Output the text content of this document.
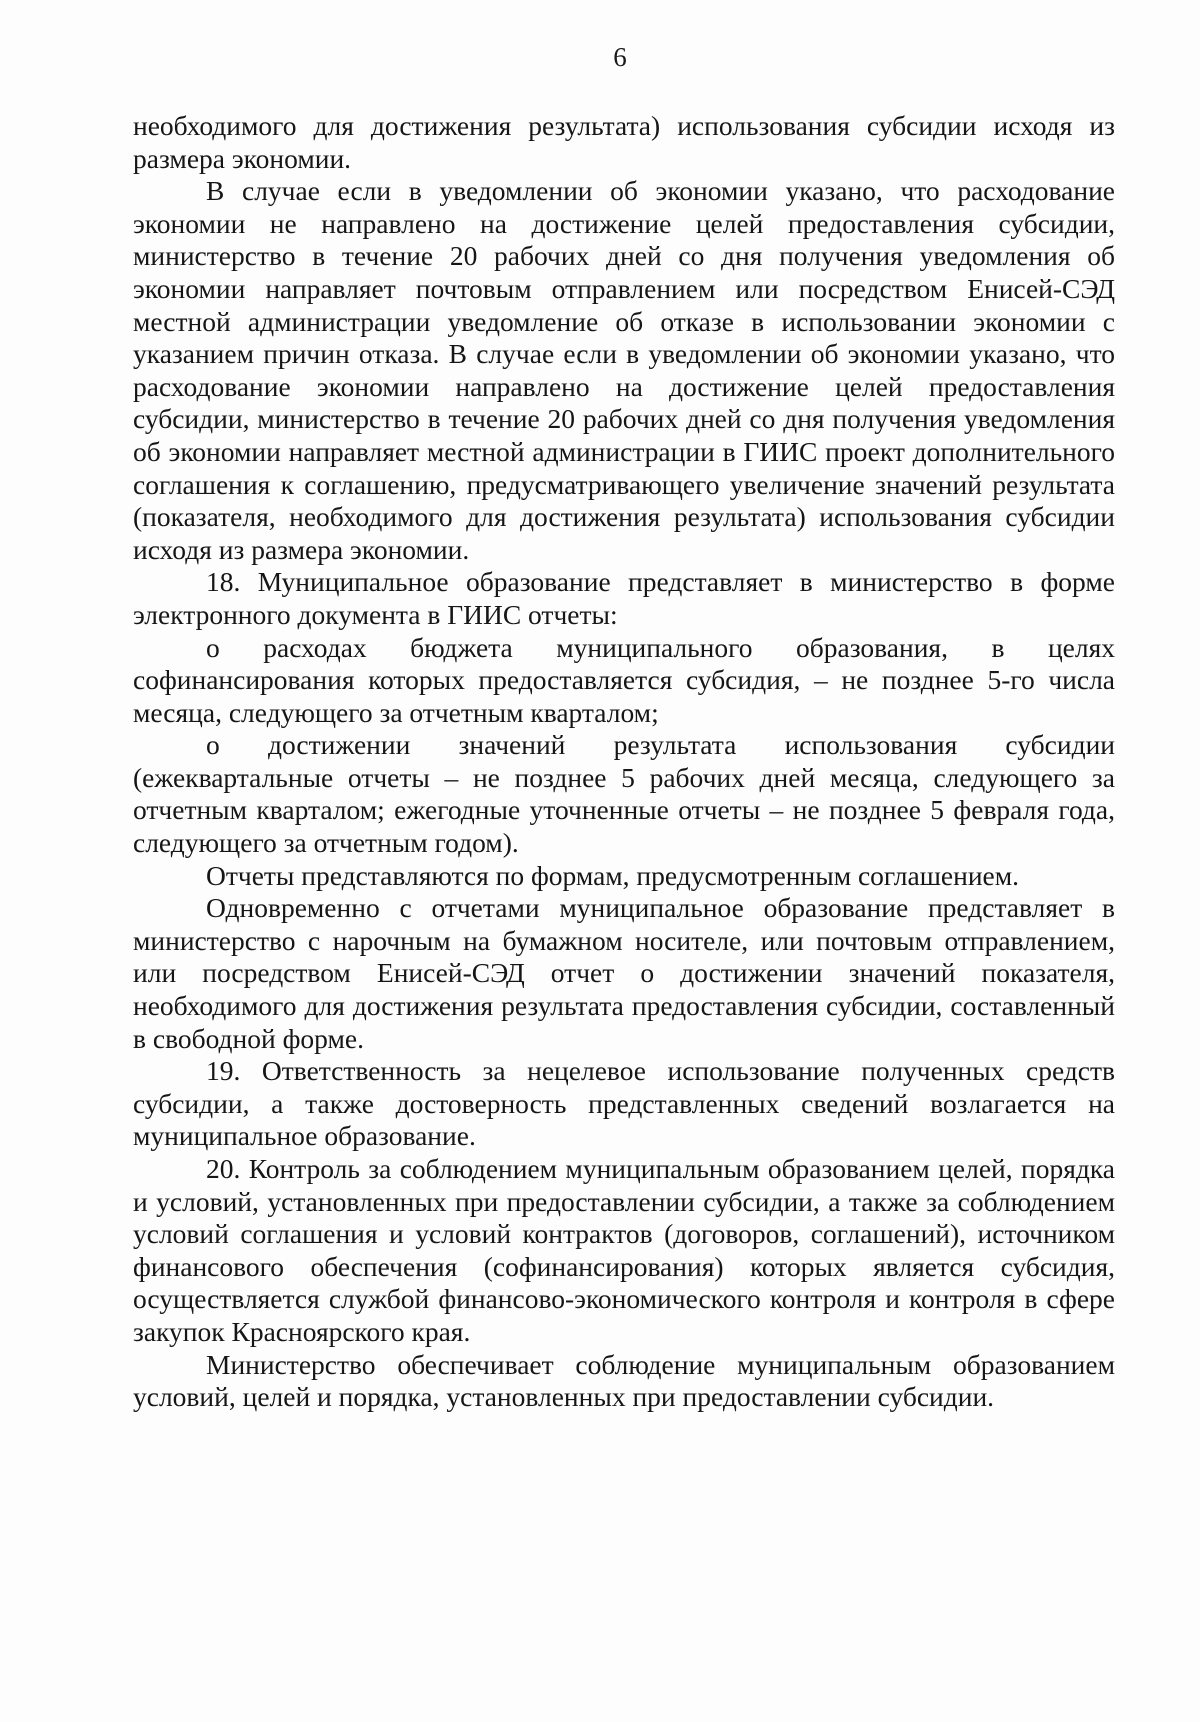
6

необходимого для достижения результата) использования субсидии исходя из размера экономии.

В случае если в уведомлении об экономии указано, что расходование экономии не направлено на достижение целей предоставления субсидии, министерство в течение 20 рабочих дней со дня получения уведомления об экономии направляет почтовым отправлением или посредством Енисей-СЭД местной администрации уведомление об отказе в использовании экономии с указанием причин отказа. В случае если в уведомлении об экономии указано, что расходование экономии направлено на достижение целей предоставления субсидии, министерство в течение 20 рабочих дней со дня получения уведомления об экономии направляет местной администрации в ГИИС проект дополнительного соглашения к соглашению, предусматривающего увеличение значений результата (показателя, необходимого для достижения результата) использования субсидии исходя из размера экономии.

18. Муниципальное образование представляет в министерство в форме электронного документа в ГИИС отчеты:

о расходах бюджета муниципального образования, в целях софинансирования которых предоставляется субсидия, – не позднее 5-го числа месяца, следующего за отчетным кварталом;

о достижении значений результата использования субсидии (ежеквартальные отчеты – не позднее 5 рабочих дней месяца, следующего за отчетным кварталом; ежегодные уточненные отчеты – не позднее 5 февраля года, следующего за отчетным годом).

Отчеты представляются по формам, предусмотренным соглашением.

Одновременно с отчетами муниципальное образование представляет в министерство с нарочным на бумажном носителе, или почтовым отправлением, или посредством Енисей-СЭД отчет о достижении значений показателя, необходимого для достижения результата предоставления субсидии, составленный в свободной форме.

19. Ответственность за нецелевое использование полученных средств субсидии, а также достоверность представленных сведений возлагается на муниципальное образование.

20. Контроль за соблюдением муниципальным образованием целей, порядка и условий, установленных при предоставлении субсидии, а также за соблюдением условий соглашения и условий контрактов (договоров, соглашений), источником финансового обеспечения (софинансирования) которых является субсидия, осуществляется службой финансово-экономического контроля и контроля в сфере закупок Красноярского края.

Министерство обеспечивает соблюдение муниципальным образованием условий, целей и порядка, установленных при предоставлении субсидии.
